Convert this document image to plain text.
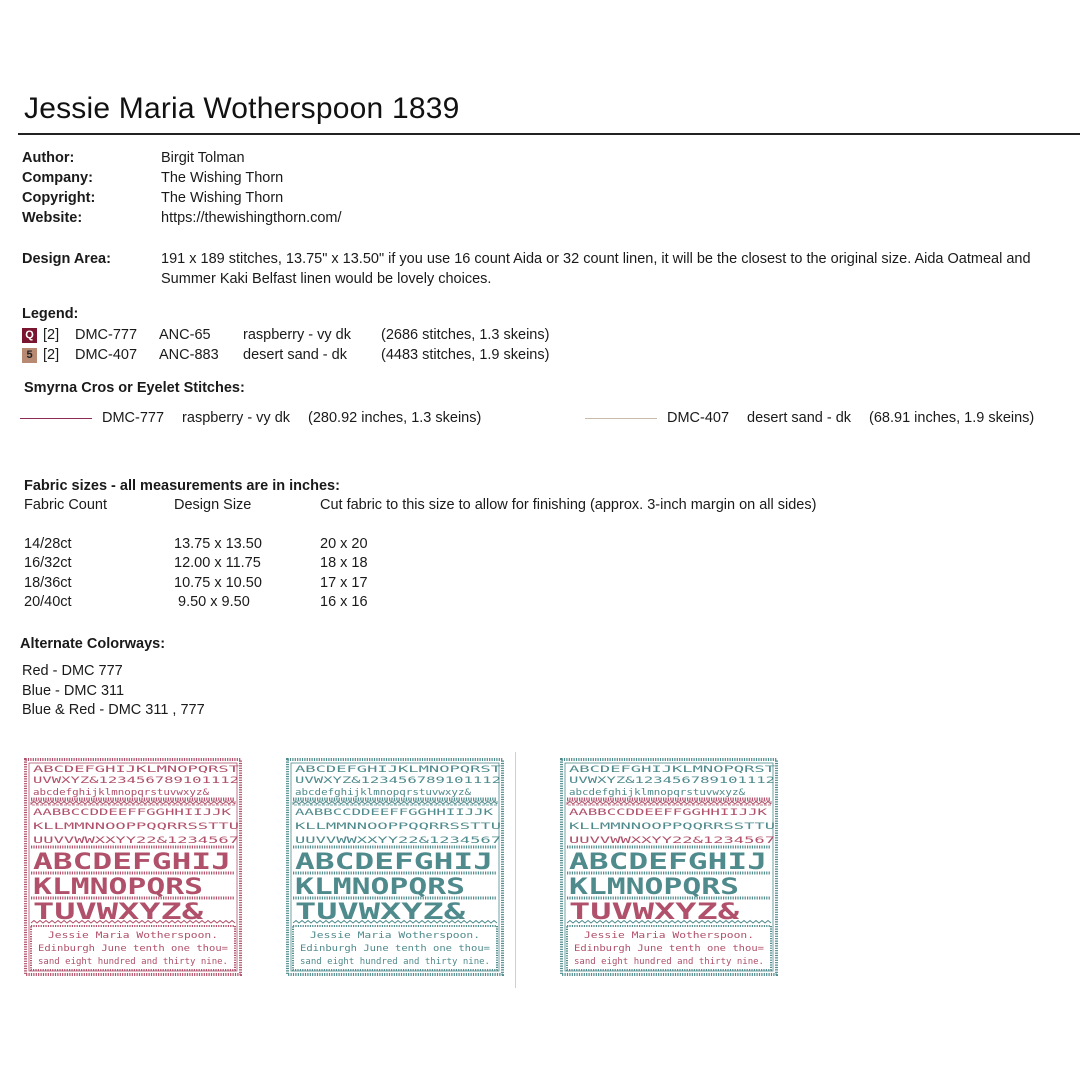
Jessie Maria Wotherspoon 1839
Author:	Birgit Tolman
Company:	The Wishing Thorn
Copyright:	The Wishing Thorn
Website:	https://thewishingthorn.com/
Design Area:	191 x 189 stitches, 13.75" x 13.50" if you use 16 count Aida or 32 count linen, it will be the closest to the original size. Aida Oatmeal and Summer Kaki Belfast linen would be lovely choices.
Legend:
Q [2]	DMC-777	ANC-65	raspberry - vy dk	(2686 stitches, 1.3 skeins)
5 [2]	DMC-407	ANC-883	desert sand - dk	(4483 stitches, 1.9 skeins)
Smyrna Cros or Eyelet Stitches:
DMC-777 raspberry - vy dk (280.92 inches, 1.3 skeins)	DMC-407 desert sand - dk (68.91 inches, 1.9 skeins)
Fabric sizes - all measurements are in inches:
Fabric Count	Design Size	Cut fabric to this size to allow for finishing (approx. 3-inch margin on all sides)
14/28ct	13.75 x 13.50	20 x 20
16/32ct	12.00 x 11.75	18 x 18
18/36ct	10.75 x 10.50	17 x 17
20/40ct	9.50 x 9.50	16 x 16
Alternate Colorways:
Red - DMC 777
Blue - DMC 311
Blue & Red - DMC 311 , 777
ABCDEFGHIJKLMNOPQRST
UVWXYZ&123456789101112
abcdefghijklmnopqrstuvwxyz&
AABBCCDDEEFFGGHHIIJJK
KLLMMNNOOPPQQRRSSTTU
UUVVWWXXYY22&1234567
ABCDEFGHIJ
KLMNOPQRS
TUVWXYZ&
Jessie Maria Wotherspoon.
Edinburgh June tenth one thou=
sand eight hundred and thirty nine.
ABCDEFGHIJKLMNOPQRST
UVWXYZ&123456789101112
abcdefghijklmnopqrstuvwxyz&
AABBCCDDEEFFGGHHIIJJK
KLLMMNNOOPPQQRRSSTTU
UUVVWWXXYY22&1234567
ABCDEFGHIJ
KLMNOPQRS
TUVWXYZ&
Jessie Maria Wotherspoon.
Edinburgh June tenth one thou=
sand eight hundred and thirty nine.
ABCDEFGHIJKLMNOPQRST
UVWXYZ&123456789101112
abcdefghijklmnopqrstuvwxyz&
AABBCCDDEEFFGGHHIIJJK
KLLMMNNOOPPQQRRSSTTU
UUVVWWXXYY22&1234567
ABCDEFGHIJ
KLMNOPQRS
TUVWXYZ&
Jessie Maria Wotherspoon.
Edinburgh June tenth one thou=
sand eight hundred and thirty nine.
